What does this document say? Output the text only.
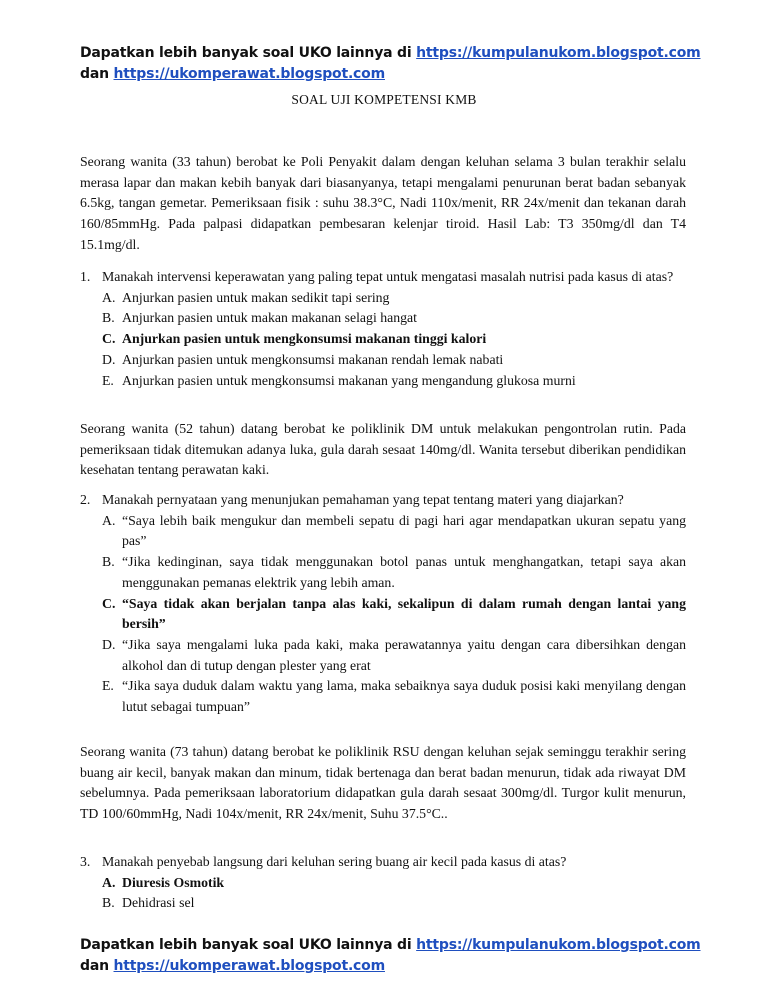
Dapatkan lebih banyak soal UKO lainnya di https://kumpulanukom.blogspot.com
dan https://ukomperawat.blogspot.com
SOAL UJI KOMPETENSI KMB
Seorang wanita (33 tahun) berobat ke Poli Penyakit dalam dengan keluhan selama 3 bulan terakhir selalu merasa lapar dan makan kebih banyak dari biasanyanya, tetapi mengalami penurunan berat badan sebanyak 6.5kg, tangan gemetar. Pemeriksaan fisik : suhu 38.3°C, Nadi 110x/menit, RR 24x/menit dan tekanan darah 160/85mmHg. Pada palpasi didapatkan pembesaran kelenjar tiroid. Hasil Lab: T3 350mg/dl dan T4 15.1mg/dl.
1. Manakah intervensi keperawatan yang paling tepat untuk mengatasi masalah nutrisi pada kasus di atas?
A. Anjurkan pasien untuk makan sedikit tapi sering
B. Anjurkan pasien untuk makan makanan selagi hangat
C. Anjurkan pasien untuk mengkonsumsi makanan tinggi kalori
D. Anjurkan pasien untuk mengkonsumsi makanan rendah lemak nabati
E. Anjurkan pasien untuk mengkonsumsi makanan yang mengandung glukosa murni
Seorang wanita (52 tahun) datang berobat ke poliklinik DM untuk melakukan pengontrolan rutin. Pada pemeriksaan tidak ditemukan adanya luka, gula darah sesaat 140mg/dl. Wanita tersebut diberikan pendidikan kesehatan tentang perawatan kaki.
2. Manakah pernyataan yang menunjukan pemahaman yang tepat tentang materi yang diajarkan?
A. “Saya lebih baik mengukur dan membeli sepatu di pagi hari agar mendapatkan ukuran sepatu yang pas”
B. “Jika kedinginan, saya tidak menggunakan botol panas untuk menghangatkan, tetapi saya akan menggunakan pemanas elektrik yang lebih aman.
C. “Saya tidak akan berjalan tanpa alas kaki, sekalipun di dalam rumah dengan lantai yang bersih”
D. “Jika saya mengalami luka pada kaki, maka perawatannya yaitu dengan cara dibersihkan dengan alkohol dan di tutup dengan plester yang erat
E. “Jika saya duduk dalam waktu yang lama, maka sebaiknya saya duduk posisi kaki menyilang dengan lutut sebagai tumpuan”
Seorang wanita (73 tahun) datang berobat ke poliklinik RSU dengan keluhan sejak seminggu terakhir sering buang air kecil, banyak makan dan minum, tidak bertenaga dan berat badan menurun, tidak ada riwayat DM sebelumnya. Pada pemeriksaan laboratorium didapatkan gula darah sesaat 300mg/dl. Turgor kulit menurun, TD 100/60mmHg, Nadi 104x/menit, RR 24x/menit, Suhu 37.5°C..
3. Manakah penyebab langsung dari keluhan sering buang air kecil pada kasus di atas?
A. Diuresis Osmotik
B. Dehidrasi sel
Dapatkan lebih banyak soal UKO lainnya di https://kumpulanukom.blogspot.com
dan https://ukomperawat.blogspot.com
